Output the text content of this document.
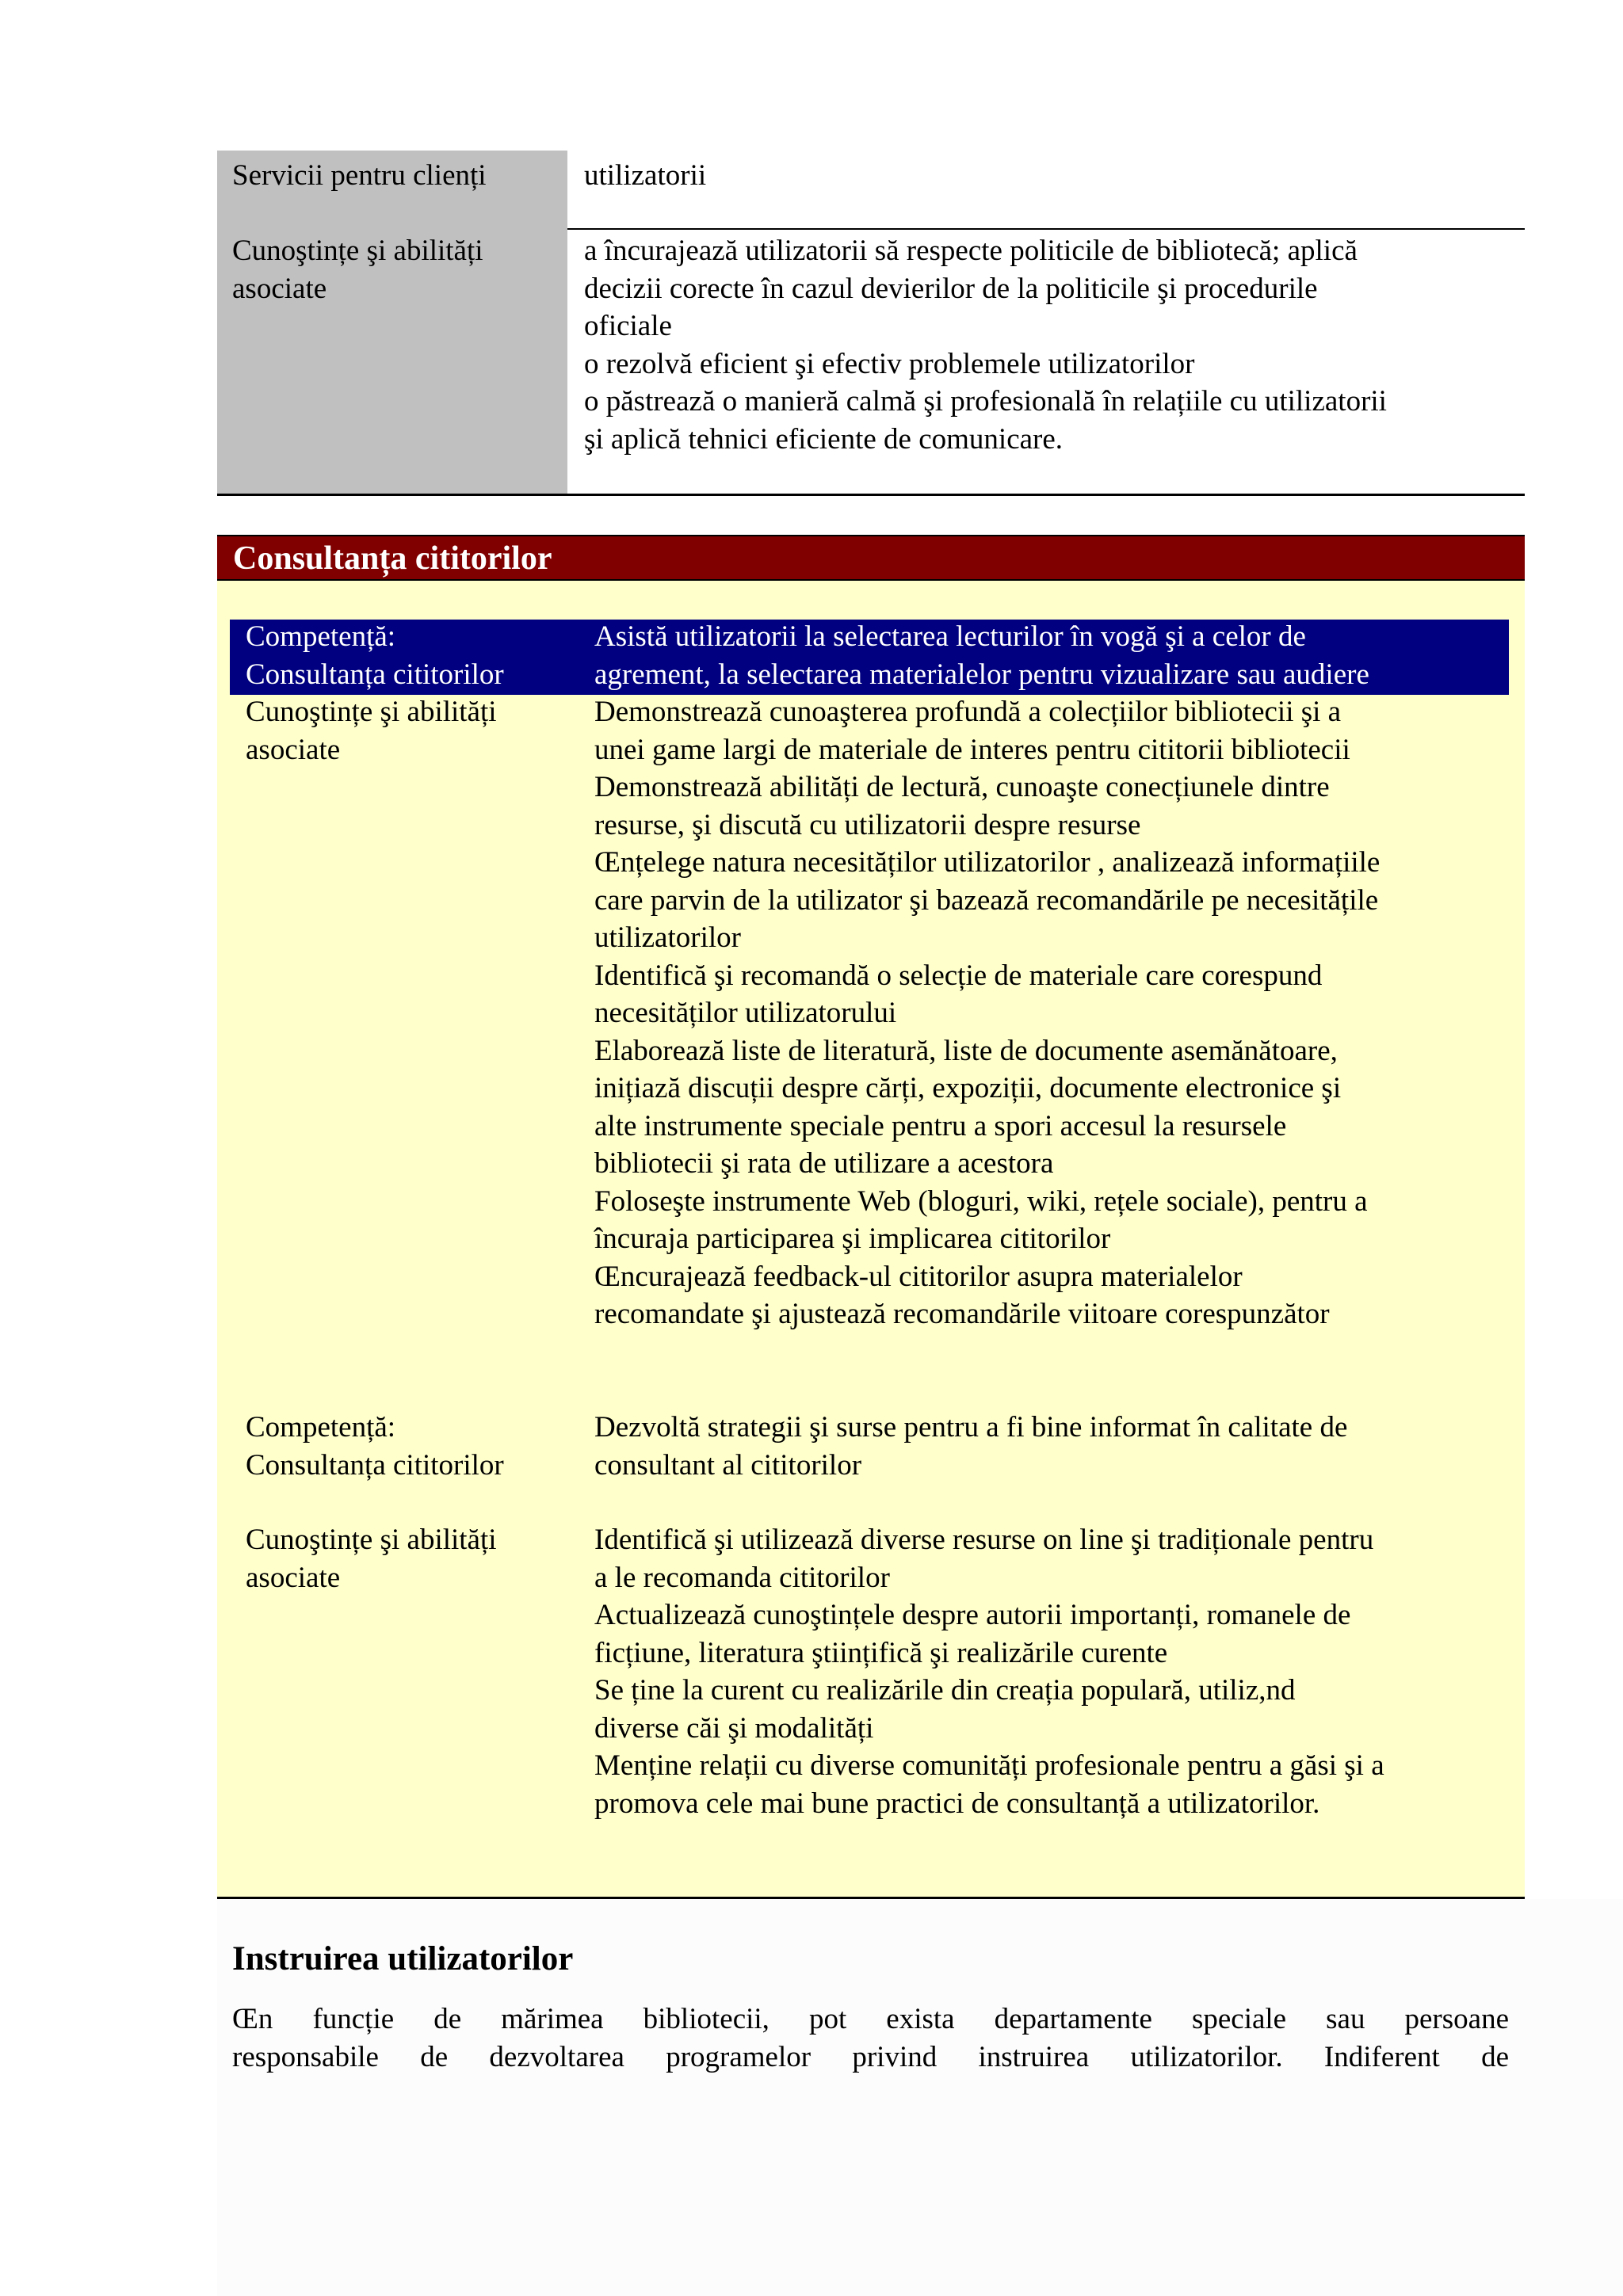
Servicii pentru clienți	utilizatorii
Cunoştințe şi abilități
asociate
a încurajează utilizatorii să respecte politicile de bibliotecă; aplică
decizii corecte în cazul devierilor de la politicile şi procedurile
oficiale
o rezolvă eficient şi efectiv problemele utilizatorilor
o păstrează o manieră calmă şi profesională în relațiile cu utilizatorii
şi aplică tehnici eficiente de comunicare.
Consultanța cititorilor
Competență:
Consultanța cititorilor
Asistă utilizatorii la selectarea lecturilor în vogă şi a celor de
agrement, la selectarea materialelor pentru vizualizare sau audiere
Cunoştințe şi abilități
asociate
Demonstrează cunoaşterea profundă a colecțiilor bibliotecii şi a
unei game largi de materiale de interes pentru cititorii bibliotecii
Demonstrează abilități de lectură, cunoaşte conecțiunele dintre
resurse, şi discută cu utilizatorii despre resurse
Œnțelege natura necesităților utilizatorilor , analizează informațiile
care parvin de la utilizator şi bazează recomandările pe necesitățile
utilizatorilor
Identifică şi recomandă o selecție de materiale care corespund
necesităților utilizatorului
Elaborează liste de literatură, liste de documente asemănătoare,
inițiază discuții despre cărți, expoziții, documente electronice şi
alte instrumente speciale pentru a spori accesul la resursele
bibliotecii şi rata de utilizare a acestora
Foloseşte instrumente Web (bloguri, wiki, rețele sociale), pentru a
încuraja participarea şi implicarea cititorilor
Œncurajează feedback-ul cititorilor asupra materialelor
recomandate şi ajustează recomandările viitoare corespunzător
Competență:
Consultanța cititorilor
Dezvoltă strategii şi surse pentru a fi bine informat în calitate de
consultant al cititorilor
Cunoştințe şi abilități
asociate
Identifică şi utilizează diverse resurse on line şi tradiționale pentru
a le recomanda cititorilor
Actualizează cunoştințele despre autorii importanți, romanele de
ficțiune, literatura ştiințifică şi realizările curente
Se ține la curent cu realizările din creația populară, utiliz,nd
diverse căi şi modalități
Menține relații cu diverse comunități profesionale pentru a găsi şi a
promova cele mai bune practici de consultanță a utilizatorilor.
Instruirea utilizatorilor
Œn funcție de mărimea bibliotecii, pot exista departamente speciale sau persoane
responsabile de dezvoltarea programelor privind instruirea utilizatorilor. Indiferent de
